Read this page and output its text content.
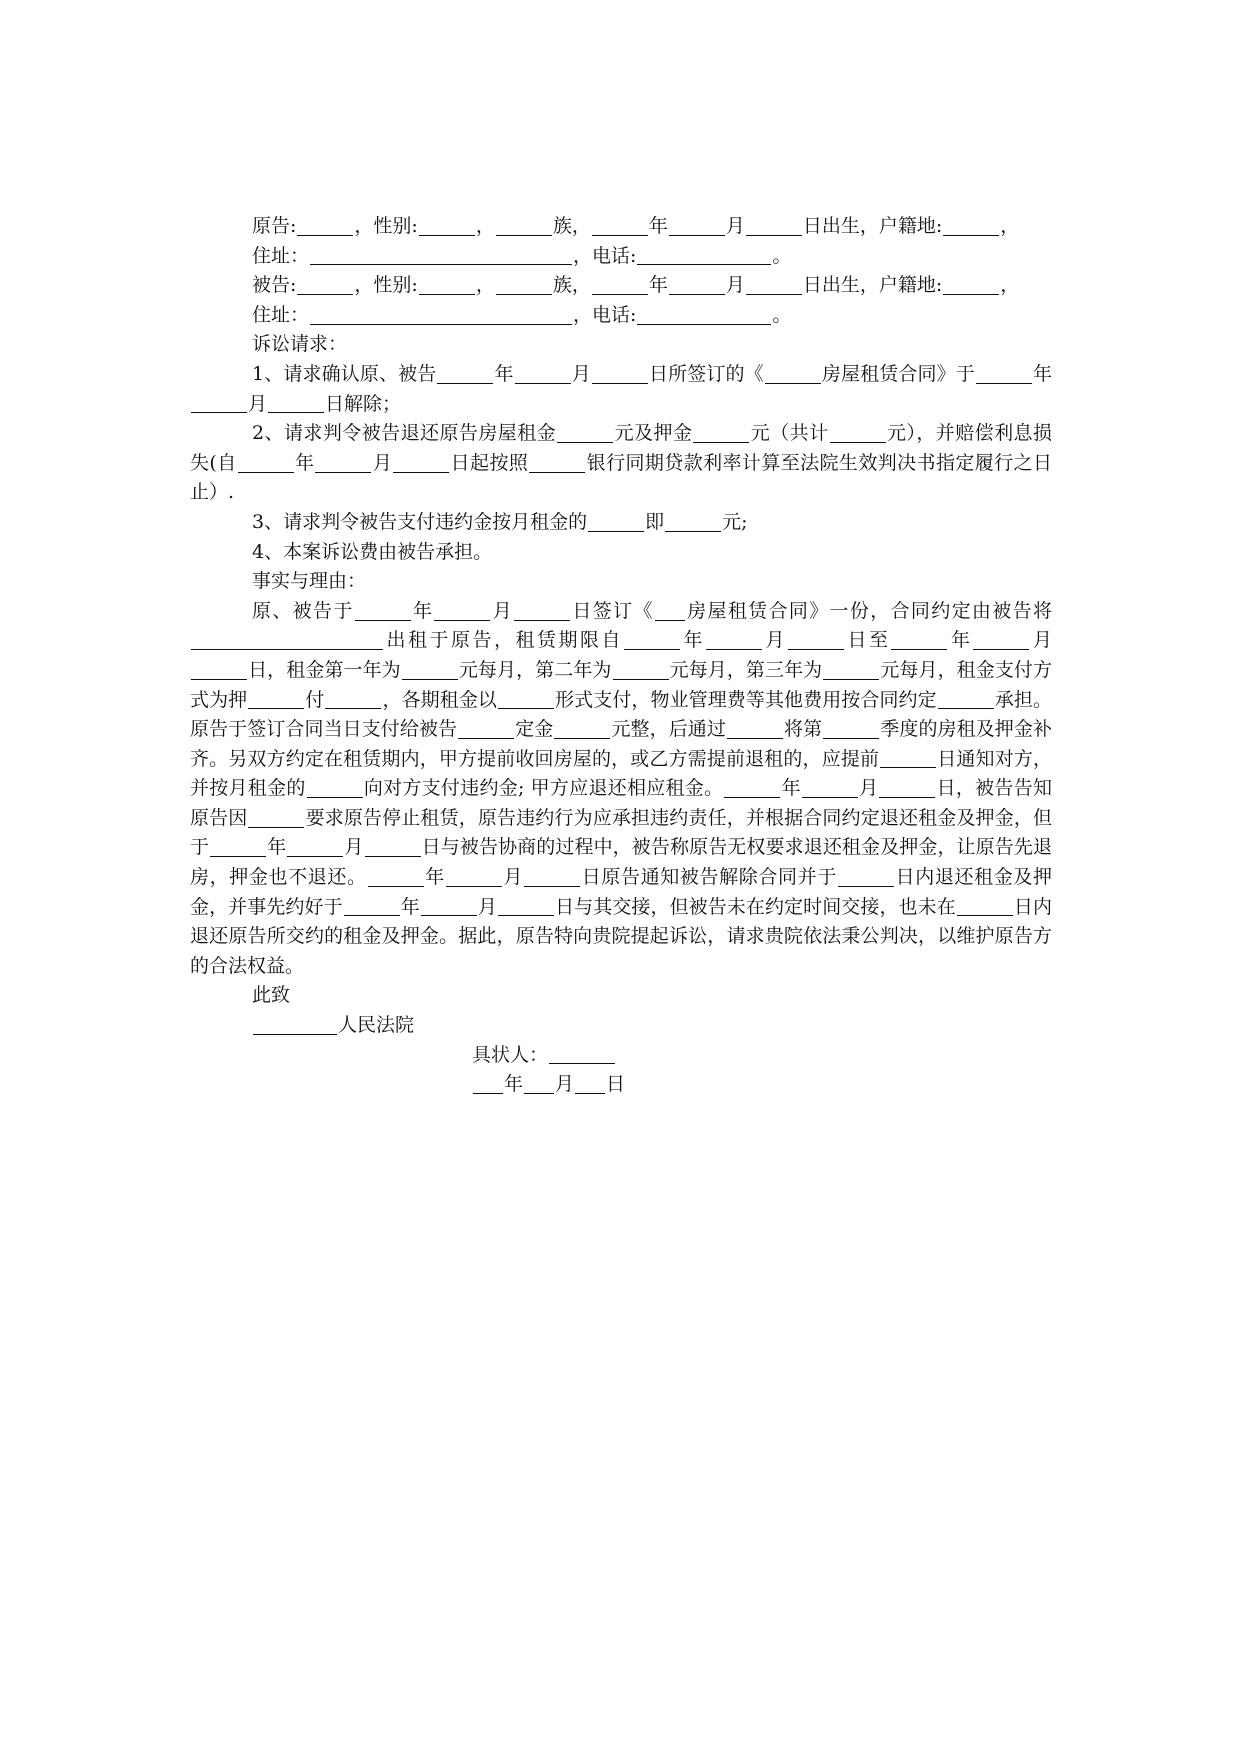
原告:	，性别:	，	族，	年	月	日出生，户籍地:	，

住址：	，电话:	。

被告:	，性别:	，	族，	年	月	日出生，户籍地:	，

住址：	，电话:	。

诉讼请求：

1、请求确认原、被告	年	月	日所签订的《	房屋租赁合同》于	年月	日解除；

2、请求判令被告退还原告房屋租金	元及押金	元（共计	元），并赔偿利息损失(自	年	月	日起按照	银行同期贷款利率计算至法院生效判决书指定履行之日止）.

3、请求判令被告支付违约金按月租金的	即	元;

4、本案诉讼费由被告承担。

事实与理由：

原、被告于	年	月	日签订《 房屋租赁合同》一份，合同约定由被告将出租于原告，租赁期限自	年	月	日至	年	月日，租金第一年为	元每月，第二年为	元每月，第三年为	元每月，租金支付方式为押	付	，各期租金以	形式支付，物业管理费等其他费用按合同约定	承担。原告于签订合同当日支付给被告	定金	元整，后通过	将第	季度的房租及押金补齐。另双方约定在租赁期内，甲方提前收回房屋的，或乙方需提前退租的，应提前	日通知对方，并按月租金的	向对方支付违约金; 甲方应退还相应租金。	年	月	日，被告告知原告因	要求原告停止租赁，原告违约行为应承担违约责任，并根据合同约定退还租金及押金，但于	年	月	日与被告协商的过程中，被告称原告无权要求退还租金及押金，让原告先退房，押金也不退还。	年	月	日原告通知被告解除合同并于	日内退还租金及押金，并事先约好于	年	月	日与其交接，但被告未在约定时间交接，也未在	日内退还原告所交约的租金及押金。据此，原告特向贵院提起诉讼，请求贵院依法秉公判决，以维护原告方的合法权益。

此致

人民法院

具状人：

年 月 日
